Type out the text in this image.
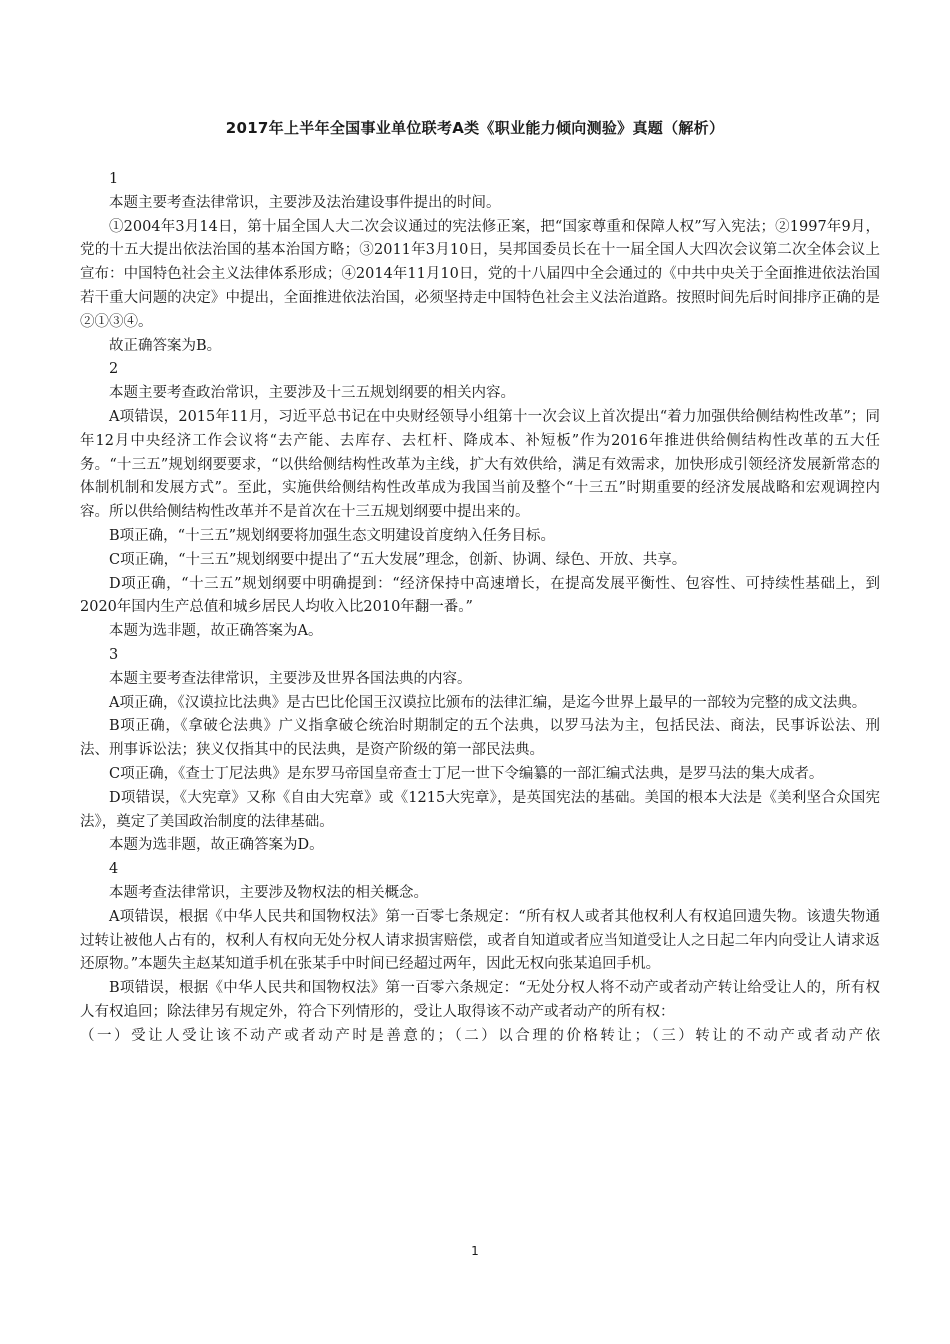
2017年上半年全国事业单位联考A类《职业能力倾向测验》真题（解析）

1

本题主要考查法律常识，主要涉及法治建设事件提出的时间。

①2004年3月14日，第十届全国人大二次会议通过的宪法修正案，把“国家尊重和保障人权”写入宪法；②1997年9月，党的十五大提出依法治国的基本治国方略；③2011年3月10日，吴邦国委员长在十一届全国人大四次会议第二次全体会议上宣布：中国特色社会主义法律体系形成；④2014年11月10日，党的十八届四中全会通过的《中共中央关于全面推进依法治国若干重大问题的决定》中提出，全面推进依法治国，必须坚持走中国特色社会主义法治道路。按照时间先后时间排序正确的是②①③④。

故正确答案为B。

2

本题主要考查政治常识，主要涉及十三五规划纲要的相关内容。

A项错误，2015年11月，习近平总书记在中央财经领导小组第十一次会议上首次提出“着力加强供给侧结构性改革”；同年12月中央经济工作会议将“去产能、去库存、去杠杆、降成本、补短板”作为2016年推进供给侧结构性改革的五大任务。“十三五”规划纲要要求，“以供给侧结构性改革为主线，扩大有效供给，满足有效需求，加快形成引领经济发展新常态的体制机制和发展方式”。至此，实施供给侧结构性改革成为我国当前及整个“十三五”时期重要的经济发展战略和宏观调控内容。所以供给侧结构性改革并不是首次在十三五规划纲要中提出来的。

B项正确，“十三五”规划纲要将加强生态文明建设首度纳入任务目标。

C项正确，“十三五”规划纲要中提出了“五大发展”理念，创新、协调、绿色、开放、共享。

D项正确，“十三五”规划纲要中明确提到：“经济保持中高速增长，在提高发展平衡性、包容性、可持续性基础上，到2020年国内生产总值和城乡居民人均收入比2010年翻一番。”

本题为选非题，故正确答案为A。

3

本题主要考查法律常识，主要涉及世界各国法典的内容。

A项正确，《汉谟拉比法典》是古巴比伦国王汉谟拉比颁布的法律汇编，是迄今世界上最早的一部较为完整的成文法典。

B项正确，《拿破仑法典》广义指拿破仑统治时期制定的五个法典，以罗马法为主，包括民法、商法，民事诉讼法、刑法、刑事诉讼法；狭义仅指其中的民法典，是资产阶级的第一部民法典。

C项正确，《查士丁尼法典》是东罗马帝国皇帝查士丁尼一世下令编纂的一部汇编式法典，是罗马法的集大成者。

D项错误，《大宪章》又称《自由大宪章》或《1215大宪章》，是英国宪法的基础。美国的根本大法是《美利坚合众国宪法》，奠定了美国政治制度的法律基础。

本题为选非题，故正确答案为D。

4

本题考查法律常识，主要涉及物权法的相关概念。

A项错误，根据《中华人民共和国物权法》第一百零七条规定：“所有权人或者其他权利人有权追回遗失物。该遗失物通过转让被他人占有的，权利人有权向无处分权人请求损害赔偿，或者自知道或者应当知道受让人之日起二年内向受让人请求返还原物。”本题失主赵某知道手机在张某手中时间已经超过两年，因此无权向张某追回手机。

B项错误，根据《中华人民共和国物权法》第一百零六条规定：“无处分权人将不动产或者动产转让给受让人的，所有权人有权追回；除法律另有规定外，符合下列情形的，受让人取得该不动产或者动产的所有权：

（一）受让人受让该不动产或者动产时是善意的；（二）以合理的价格转让；（三）转让的不动产或者动产依

1
